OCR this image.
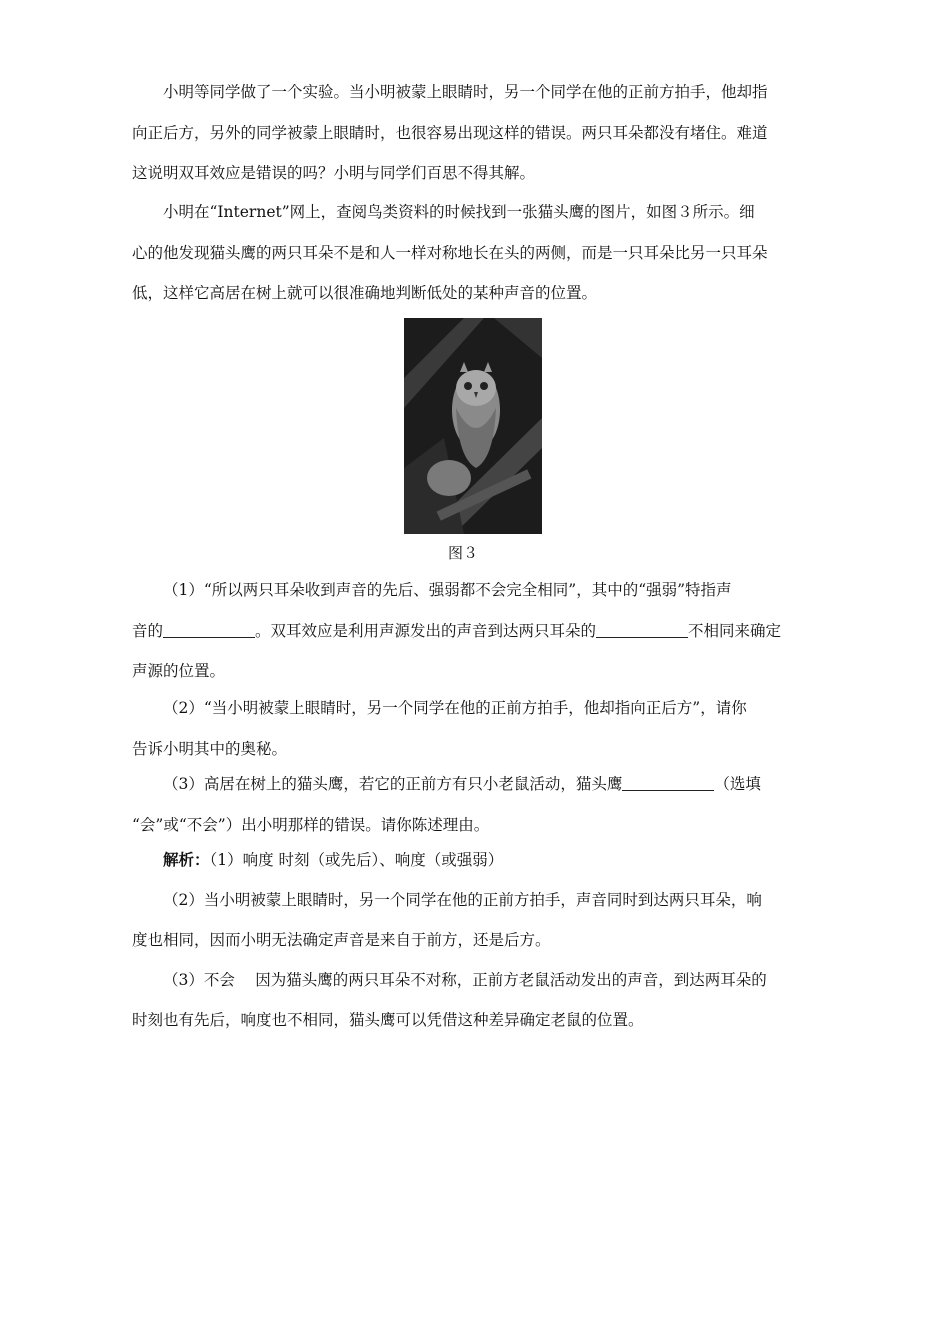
小明等同学做了一个实验。当小明被蒙上眼睛时，另一个同学在他的正前方拍手，他却指
向正后方，另外的同学被蒙上眼睛时，也很容易出现这样的错误。两只耳朵都没有堵住。难道
这说明双耳效应是错误的吗？小明与同学们百思不得其解。
小明在“Internet”网上，查阅鸟类资料的时候找到一张猫头鹰的图片，如图３所示。细
心的他发现猫头鹰的两只耳朵不是和人一样对称地长在头的两侧，而是一只耳朵比另一只耳朵
低，这样它高居在树上就可以很准确地判断低处的某种声音的位置。
图３
（1）“所以两只耳朵收到声音的先后、强弱都不会完全相同”，其中的“强弱”特指声
音的	。双耳效应是利用声源发出的声音到达两只耳朵的	不相同来确定
声源的位置。
（2）“当小明被蒙上眼睛时，另一个同学在他的正前方拍手，他却指向正后方”，请你
告诉小明其中的奥秘。
（3）高居在树上的猫头鹰，若它的正前方有只小老鼠活动，猫头鹰	（选填
“会”或“不会”）出小明那样的错误。请你陈述理由。
解析：（1）响度 时刻（或先后）、响度（或强弱）
（2）当小明被蒙上眼睛时，另一个同学在他的正前方拍手，声音同时到达两只耳朵，响
度也相同，因而小明无法确定声音是来自于前方，还是后方。
（3）不会　 因为猫头鹰的两只耳朵不对称，正前方老鼠活动发出的声音，到达两耳朵的
时刻也有先后，响度也不相同，猫头鹰可以凭借这种差异确定老鼠的位置。
